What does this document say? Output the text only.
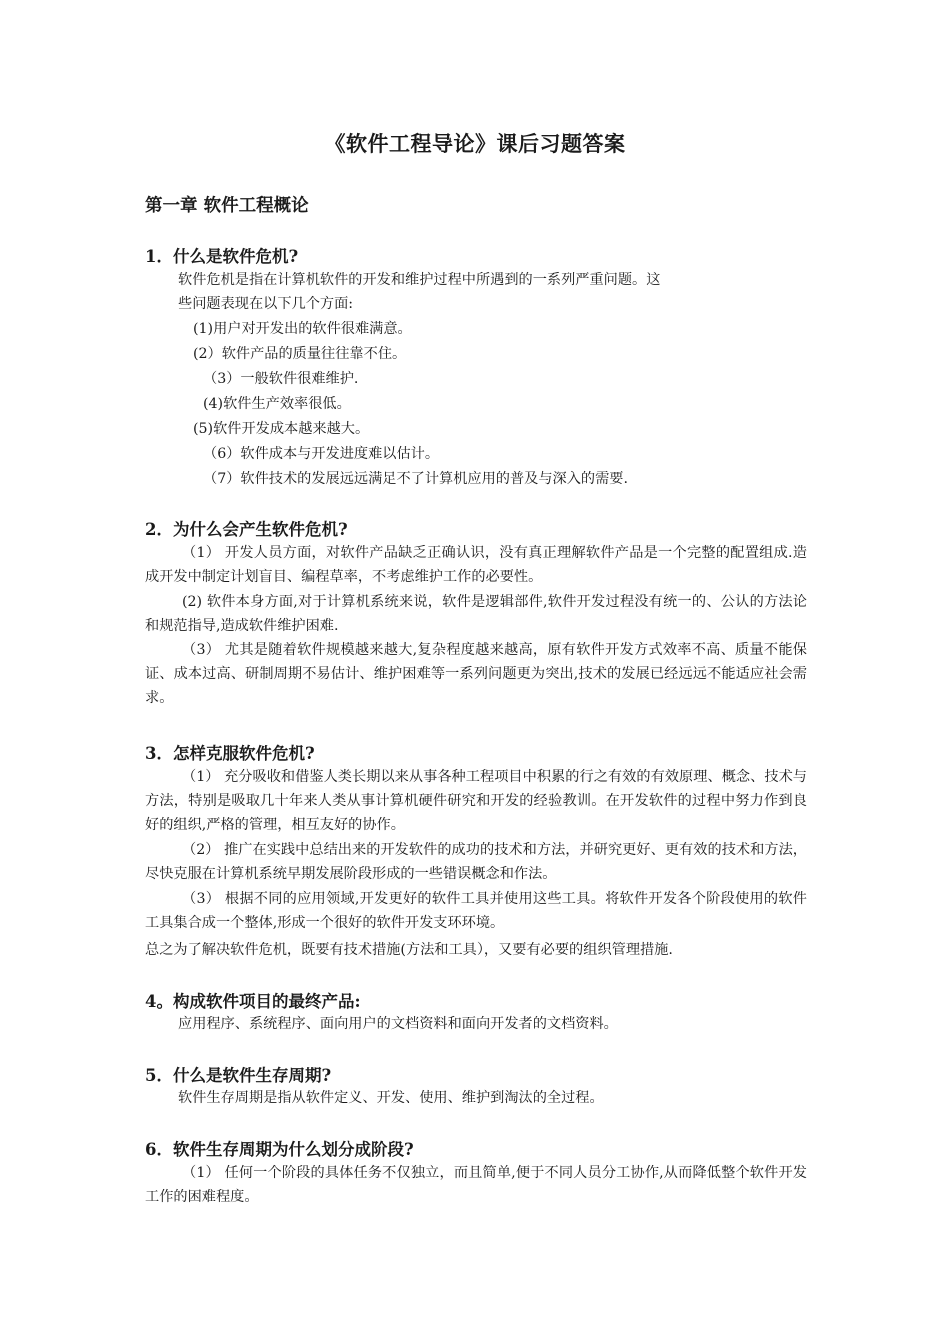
《软件工程导论》课后习题答案
第一章 软件工程概论
1．什么是软件危机?
软件危机是指在计算机软件的开发和维护过程中所遇到的一系列严重问题。这
些问题表现在以下几个方面:
(1)用户对开发出的软件很难满意。
(2）软件产品的质量往往靠不住。
（3）一般软件很难维护.
(4)软件生产效率很低。
(5)软件开发成本越来越大。
（6）软件成本与开发进度难以估计。
（7）软件技术的发展远远满足不了计算机应用的普及与深入的需要.
2．为什么会产生软件危机?
（1） 开发人员方面，对软件产品缺乏正确认识，没有真正理解软件产品是一个完整的配置组成.造成开发中制定计划盲目、编程草率，不考虑维护工作的必要性。
(2) 软件本身方面,对于计算机系统来说，软件是逻辑部件,软件开发过程没有统一的、公认的方法论和规范指导,造成软件维护困难.
（3） 尤其是随着软件规模越来越大,复杂程度越来越高，原有软件开发方式效率不高、质量不能保证、成本过高、研制周期不易估计、维护困难等一系列问题更为突出,技术的发展已经远远不能适应社会需求。
3．怎样克服软件危机?
（1） 充分吸收和借鉴人类长期以来从事各种工程项目中积累的行之有效的有效原理、概念、技术与方法，特别是吸取几十年来人类从事计算机硬件研究和开发的经验教训。在开发软件的过程中努力作到良好的组织,严格的管理，相互友好的协作。
（2） 推广在实践中总结出来的开发软件的成功的技术和方法，并研究更好、更有效的技术和方法，尽快克服在计算机系统早期发展阶段形成的一些错误概念和作法。
（3） 根据不同的应用领域,开发更好的软件工具并使用这些工具。将软件开发各个阶段使用的软件工具集合成一个整体,形成一个很好的软件开发支环环境。
总之为了解决软件危机，既要有技术措施(方法和工具），又要有必要的组织管理措施.
4。构成软件项目的最终产品:
应用程序、系统程序、面向用户的文档资料和面向开发者的文档资料。
5．什么是软件生存周期?
软件生存周期是指从软件定义、开发、使用、维护到淘汰的全过程。
6．软件生存周期为什么划分成阶段?
（1） 任何一个阶段的具体任务不仅独立，而且简单,便于不同人员分工协作,从而降低整个软件开发工作的困难程度。
